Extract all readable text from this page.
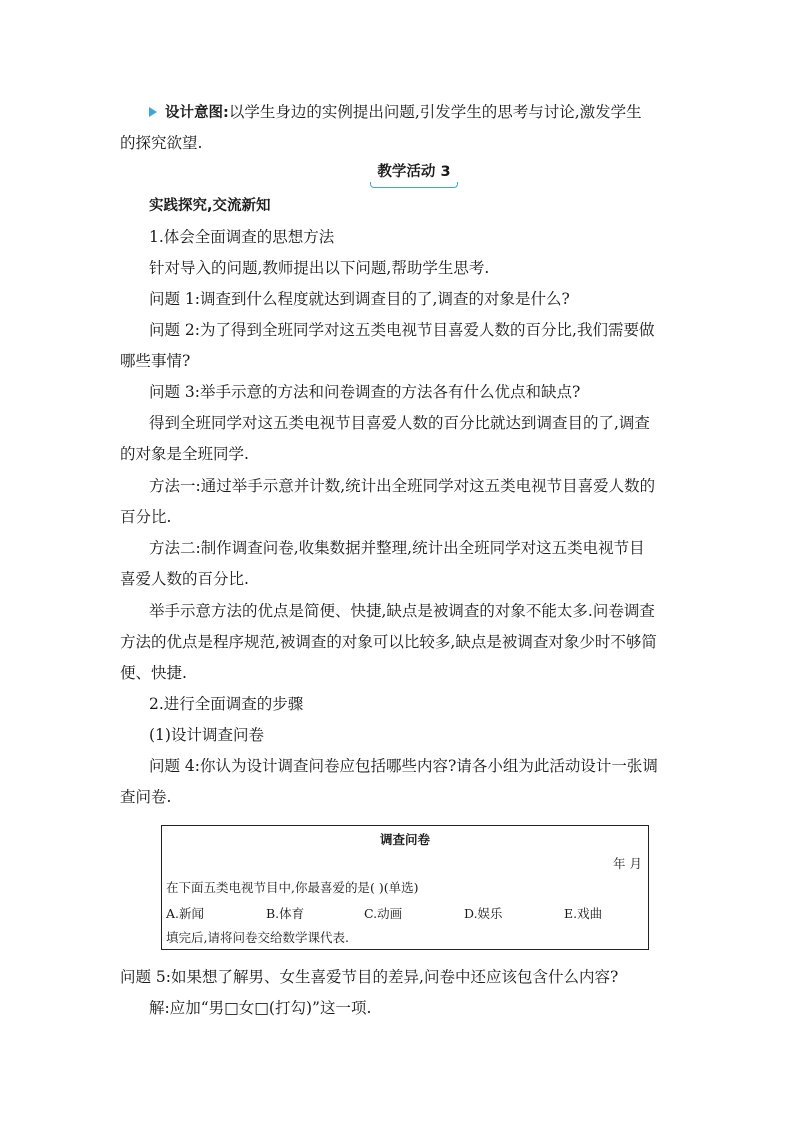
设计意图:以学生身边的实例提出问题,引发学生的思考与讨论,激发学生
的探究欲望.
教学活动 3
实践探究,交流新知
1.体会全面调查的思想方法
针对导入的问题,教师提出以下问题,帮助学生思考.
问题 1:调查到什么程度就达到调查目的了,调查的对象是什么?
问题 2:为了得到全班同学对这五类电视节目喜爱人数的百分比,我们需要做
哪些事情?
问题 3:举手示意的方法和问卷调查的方法各有什么优点和缺点?
得到全班同学对这五类电视节目喜爱人数的百分比就达到调查目的了,调查
的对象是全班同学.
方法一:通过举手示意并计数,统计出全班同学对这五类电视节目喜爱人数的
百分比.
方法二:制作调查问卷,收集数据并整理,统计出全班同学对这五类电视节目
喜爱人数的百分比.
举手示意方法的优点是简便、快捷,缺点是被调查的对象不能太多.问卷调查
方法的优点是程序规范,被调查的对象可以比较多,缺点是被调查对象少时不够简
便、快捷.
2.进行全面调查的步骤
(1)设计调查问卷
问题 4:你认为设计调查问卷应包括哪些内容?请各小组为此活动设计一张调
查问卷.
调查问卷
年 月
在下面五类电视节目中,你最喜爱的是( )(单选)
A.新闻	B.体育	C.动画	D.娱乐	E.戏曲
填完后,请将问卷交给数学课代表.
问题 5:如果想了解男、女生喜爱节目的差异,问卷中还应该包含什么内容?
解:应加“男□女□(打勾)”这一项.
